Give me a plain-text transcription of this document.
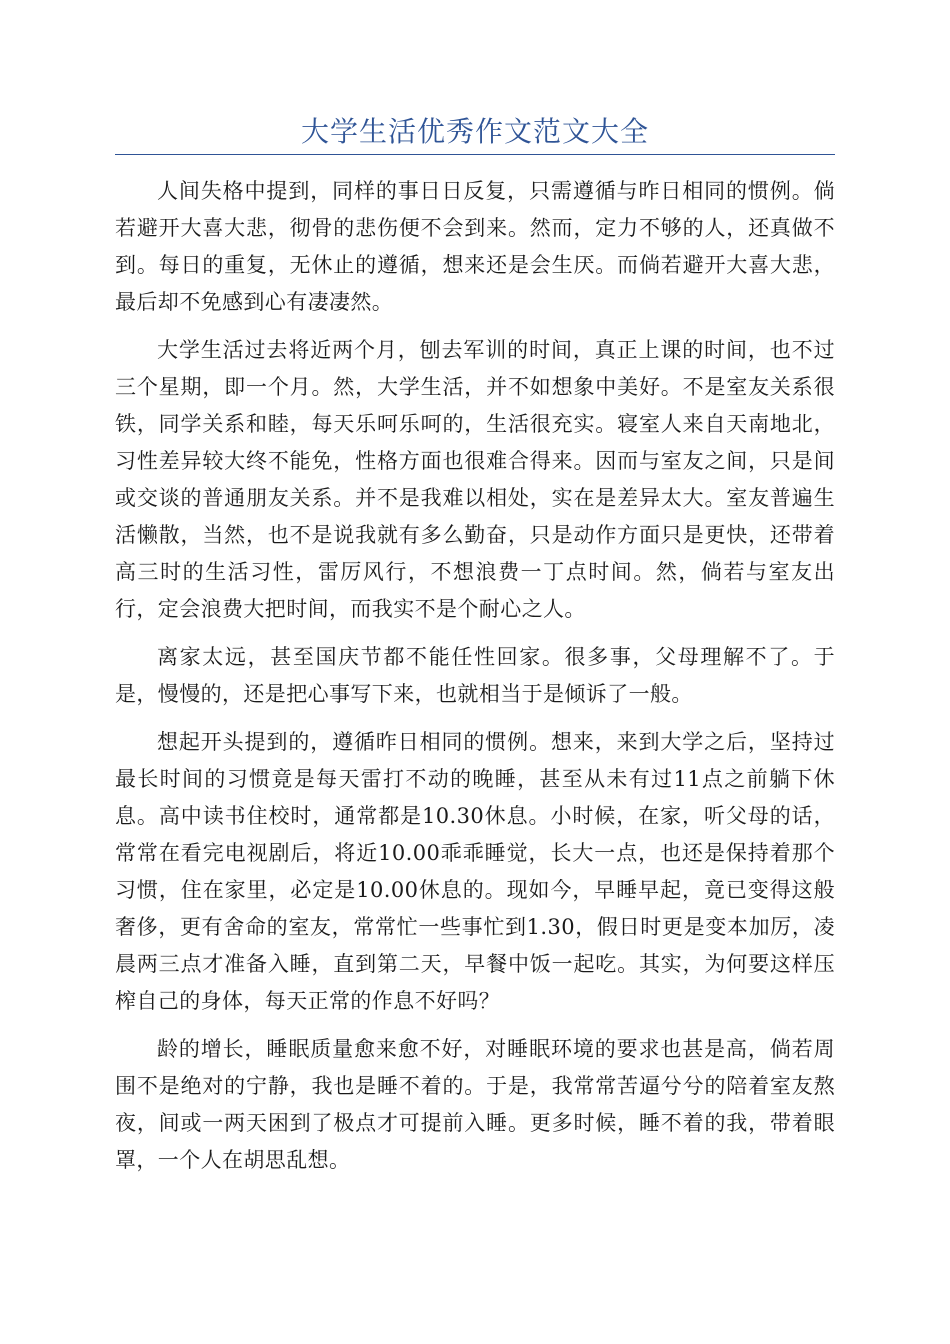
大学生活优秀作文范文大全

人间失格中提到，同样的事日日反复，只需遵循与昨日相同的惯例。倘若避开大喜大悲，彻骨的悲伤便不会到来。然而，定力不够的人，还真做不到。每日的重复，无休止的遵循，想来还是会生厌。而倘若避开大喜大悲，最后却不免感到心有凄凄然。

大学生活过去将近两个月，刨去军训的时间，真正上课的时间，也不过三个星期，即一个月。然，大学生活，并不如想象中美好。不是室友关系很铁，同学关系和睦，每天乐呵乐呵的，生活很充实。寝室人来自天南地北，习性差异较大终不能免，性格方面也很难合得来。因而与室友之间，只是间或交谈的普通朋友关系。并不是我难以相处，实在是差异太大。室友普遍生活懒散，当然，也不是说我就有多么勤奋，只是动作方面只是更快，还带着高三时的生活习性，雷厉风行，不想浪费一丁点时间。然，倘若与室友出行，定会浪费大把时间，而我实不是个耐心之人。

离家太远，甚至国庆节都不能任性回家。很多事，父母理解不了。于是，慢慢的，还是把心事写下来，也就相当于是倾诉了一般。

想起开头提到的，遵循昨日相同的惯例。想来，来到大学之后，坚持过最长时间的习惯竟是每天雷打不动的晚睡，甚至从未有过11点之前躺下休息。高中读书住校时，通常都是10.30休息。小时候，在家，听父母的话，常常在看完电视剧后，将近10.00乖乖睡觉，长大一点，也还是保持着那个习惯，住在家里，必定是10.00休息的。现如今，早睡早起，竟已变得这般奢侈，更有舍命的室友，常常忙一些事忙到1.30，假日时更是变本加厉，凌晨两三点才准备入睡，直到第二天，早餐中饭一起吃。其实，为何要这样压榨自己的身体，每天正常的作息不好吗？

龄的增长，睡眠质量愈来愈不好，对睡眠环境的要求也甚是高，倘若周围不是绝对的宁静，我也是睡不着的。于是，我常常苦逼兮兮的陪着室友熬夜，间或一两天困到了极点才可提前入睡。更多时候，睡不着的我，带着眼罩，一个人在胡思乱想。
